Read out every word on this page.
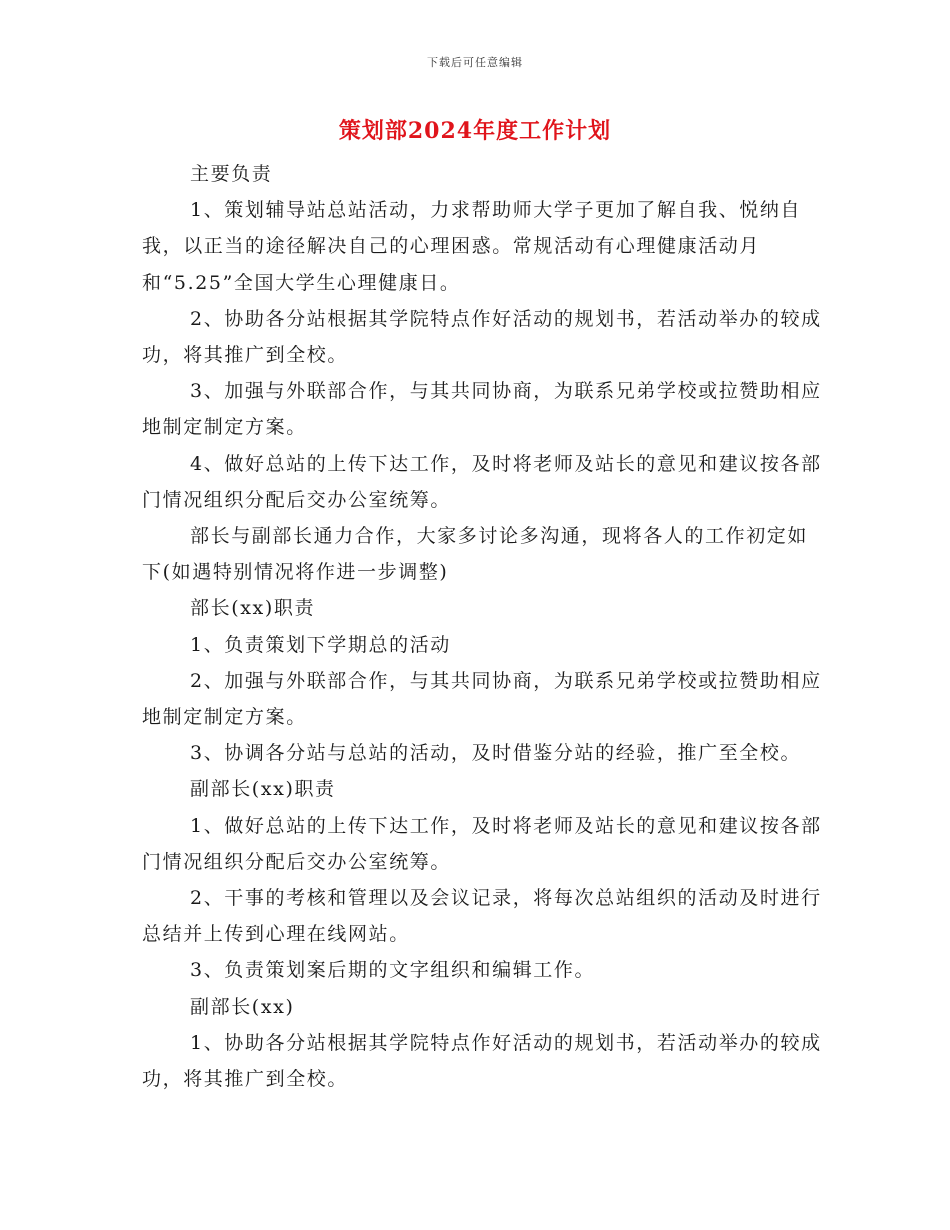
下载后可任意编辑
策划部2024年度工作计划

主要负责

1、策划辅导站总站活动，力求帮助师大学子更加了解自我、悦纳自我，以正当的途径解决自己的心理困惑。常规活动有心理健康活动月和“5.25”全国大学生心理健康日。

2、协助各分站根据其学院特点作好活动的规划书，若活动举办的较成功，将其推广到全校。

3、加强与外联部合作，与其共同协商，为联系兄弟学校或拉赞助相应地制定制定方案。

4、做好总站的上传下达工作，及时将老师及站长的意见和建议按各部门情况组织分配后交办公室统筹。

部长与副部长通力合作，大家多讨论多沟通，现将各人的工作初定如下(如遇特别情况将作进一步调整)

部长(xx)职责

1、负责策划下学期总的活动

2、加强与外联部合作，与其共同协商，为联系兄弟学校或拉赞助相应地制定制定方案。

3、协调各分站与总站的活动，及时借鉴分站的经验，推广至全校。

副部长(xx)职责

1、做好总站的上传下达工作，及时将老师及站长的意见和建议按各部门情况组织分配后交办公室统筹。

2、干事的考核和管理以及会议记录，将每次总站组织的活动及时进行总结并上传到心理在线网站。

3、负责策划案后期的文字组织和编辑工作。

副部长(xx)

1、协助各分站根据其学院特点作好活动的规划书，若活动举办的较成功，将其推广到全校。
